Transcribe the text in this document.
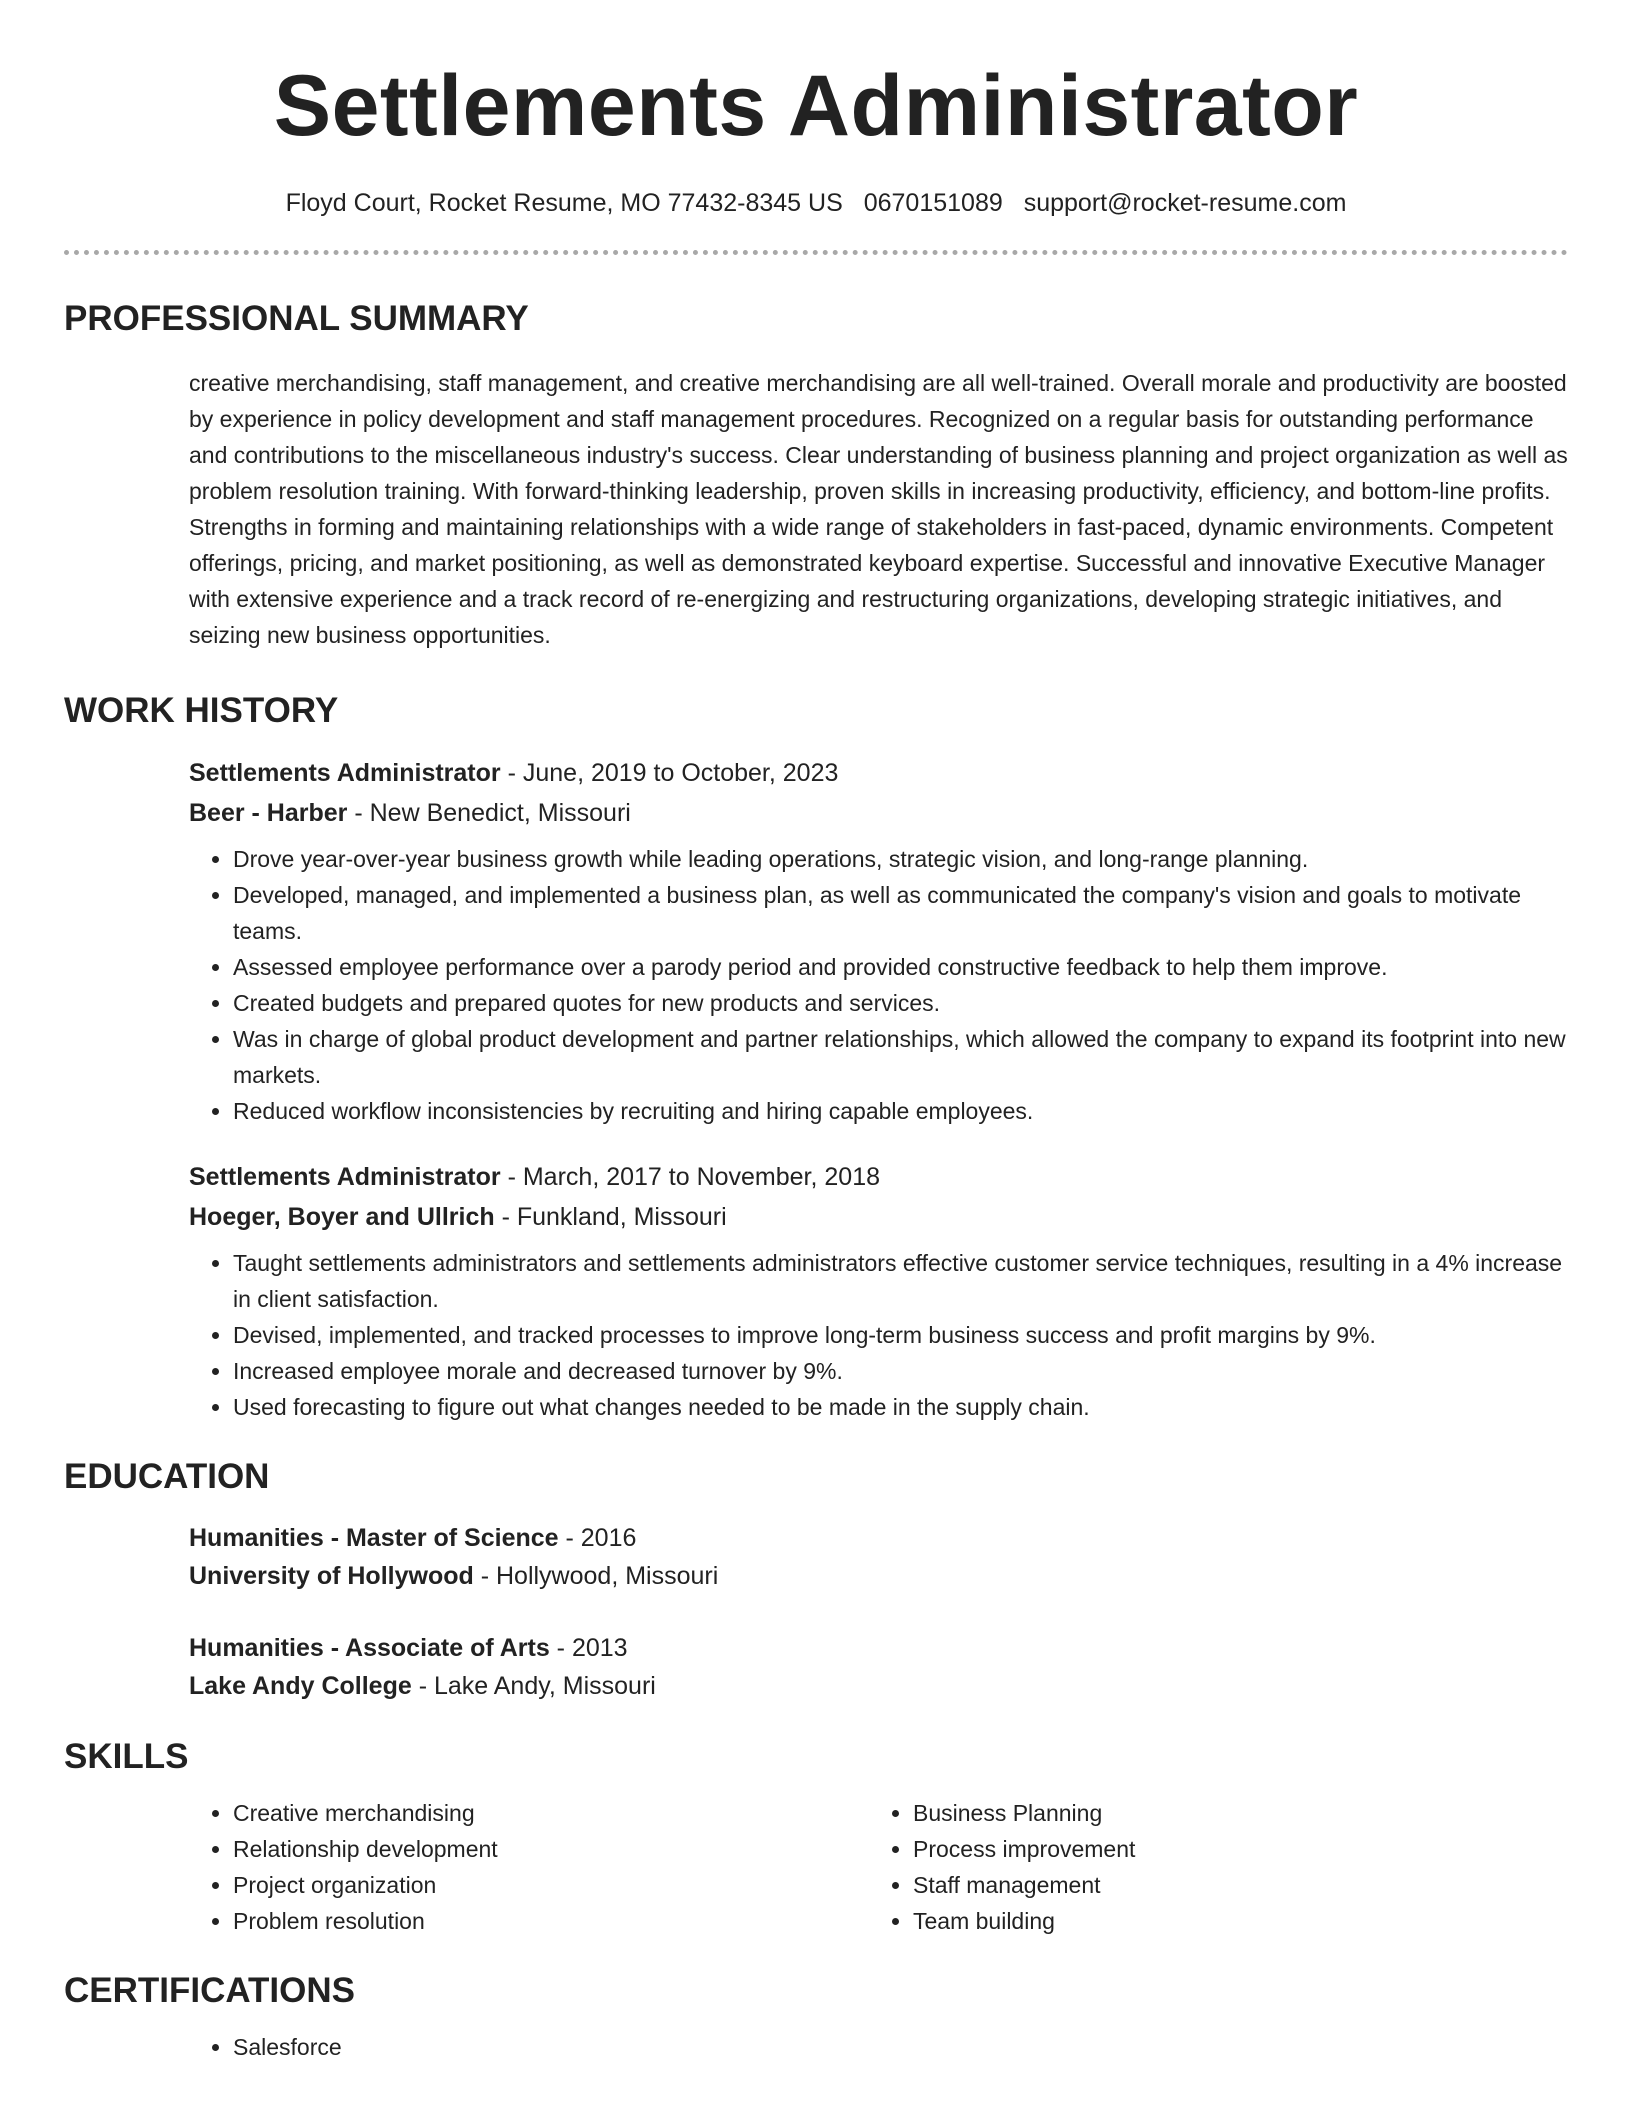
Settlements Administrator
Floyd Court, Rocket Resume, MO 77432-8345 US 0670151089 support@rocket-resume.com
PROFESSIONAL SUMMARY

creative merchandising, staff management, and creative merchandising are all well-trained. Overall morale and productivity are boosted by experience in policy development and staff management procedures. Recognized on a regular basis for outstanding performance and contributions to the miscellaneous industry's success. Clear understanding of business planning and project organization as well as problem resolution training. With forward-thinking leadership, proven skills in increasing productivity, efficiency, and bottom-line profits. Strengths in forming and maintaining relationships with a wide range of stakeholders in fast-paced, dynamic environments. Competent offerings, pricing, and market positioning, as well as demonstrated keyboard expertise. Successful and innovative Executive Manager with extensive experience and a track record of re-energizing and restructuring organizations, developing strategic initiatives, and seizing new business opportunities.

WORK HISTORY
Settlements Administrator - June, 2019 to October, 2023
Beer - Harber - New Benedict, Missouri
• Drove year-over-year business growth while leading operations, strategic vision, and long-range planning.
• Developed, managed, and implemented a business plan, as well as communicated the company's vision and goals to motivate teams.
• Assessed employee performance over a parody period and provided constructive feedback to help them improve.
• Created budgets and prepared quotes for new products and services.
• Was in charge of global product development and partner relationships, which allowed the company to expand its footprint into new markets.
• Reduced workflow inconsistencies by recruiting and hiring capable employees.
Settlements Administrator - March, 2017 to November, 2018
Hoeger, Boyer and Ullrich - Funkland, Missouri
• Taught settlements administrators and settlements administrators effective customer service techniques, resulting in a 4% increase in client satisfaction.
• Devised, implemented, and tracked processes to improve long-term business success and profit margins by 9%.
• Increased employee morale and decreased turnover by 9%.
• Used forecasting to figure out what changes needed to be made in the supply chain.
EDUCATION
Humanities - Master of Science - 2016
University of Hollywood - Hollywood, Missouri
Humanities - Associate of Arts - 2013
Lake Andy College - Lake Andy, Missouri
SKILLS
• Creative merchandising
• Relationship development
• Project organization
• Problem resolution
• Business Planning
• Process improvement
• Staff management
• Team building
CERTIFICATIONS
• Salesforce
